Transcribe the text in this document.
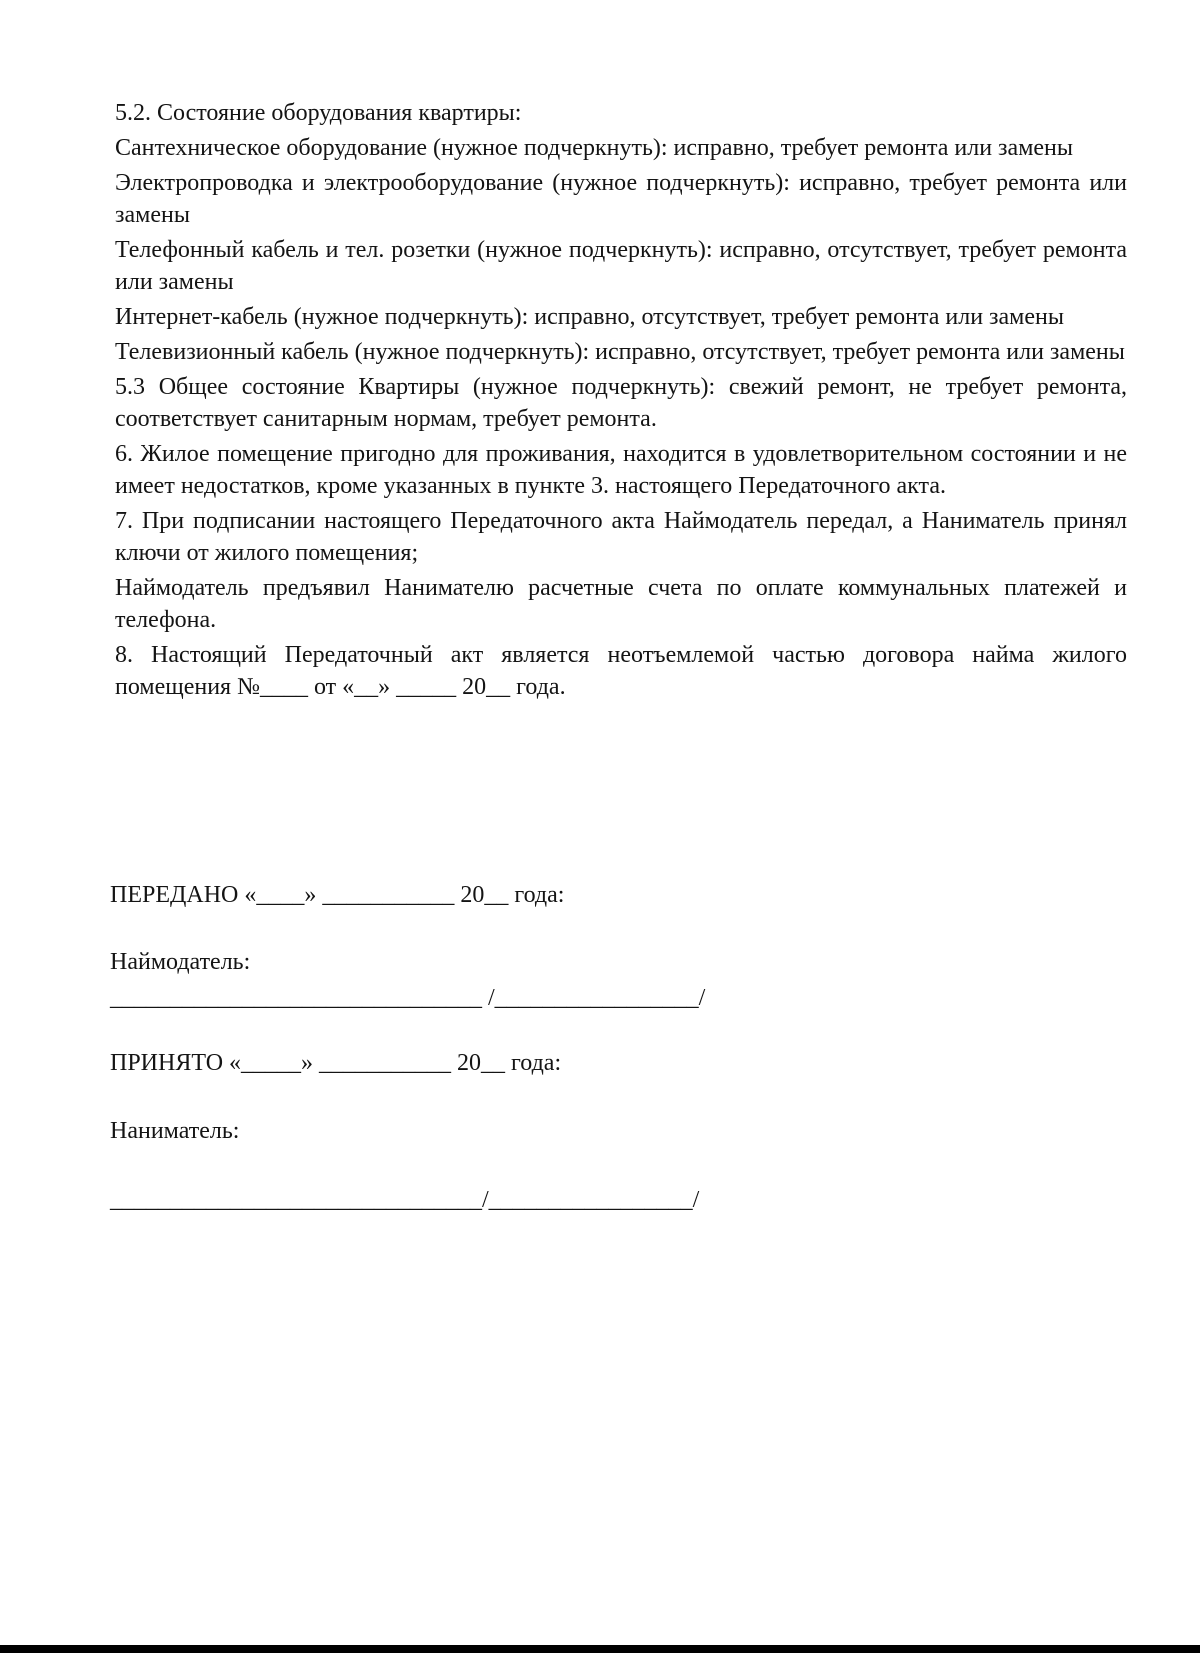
5.2. Состояние оборудования квартиры:

Сантехническое оборудование (нужное подчеркнуть): исправно, требует ремонта или замены

Электропроводка и электрооборудование (нужное подчеркнуть): исправно, требует ремонта или замены

Телефонный кабель и тел. розетки (нужное подчеркнуть): исправно, отсутствует, требует ремонта или замены

Интернет-кабель (нужное подчеркнуть): исправно, отсутствует, требует ремонта или замены

Телевизионный кабель (нужное подчеркнуть): исправно, отсутствует, требует ремонта или замены

5.3 Общее состояние Квартиры (нужное подчеркнуть): свежий ремонт, не требует ремонта, соответствует санитарным нормам, требует ремонта.

6. Жилое помещение пригодно для проживания, находится в удовлетворительном состоянии и не имеет недостатков, кроме указанных в пункте 3. настоящего Передаточного акта.

7. При подписании настоящего Передаточного акта Наймодатель передал, а Наниматель принял ключи от жилого помещения;

Наймодатель предъявил Нанимателю расчетные счета по оплате коммунальных платежей и телефона.

8. Настоящий Передаточный акт является неотъемлемой частью договора найма жилого помещения №____ от «__» _____ 20__ года.

ПЕРЕДАНО «____» ___________ 20__ года:
Наймодатель:
_______________________________ /_________________/
ПРИНЯТО «_____» ___________ 20__ года:
Наниматель:
_______________________________/_________________/
